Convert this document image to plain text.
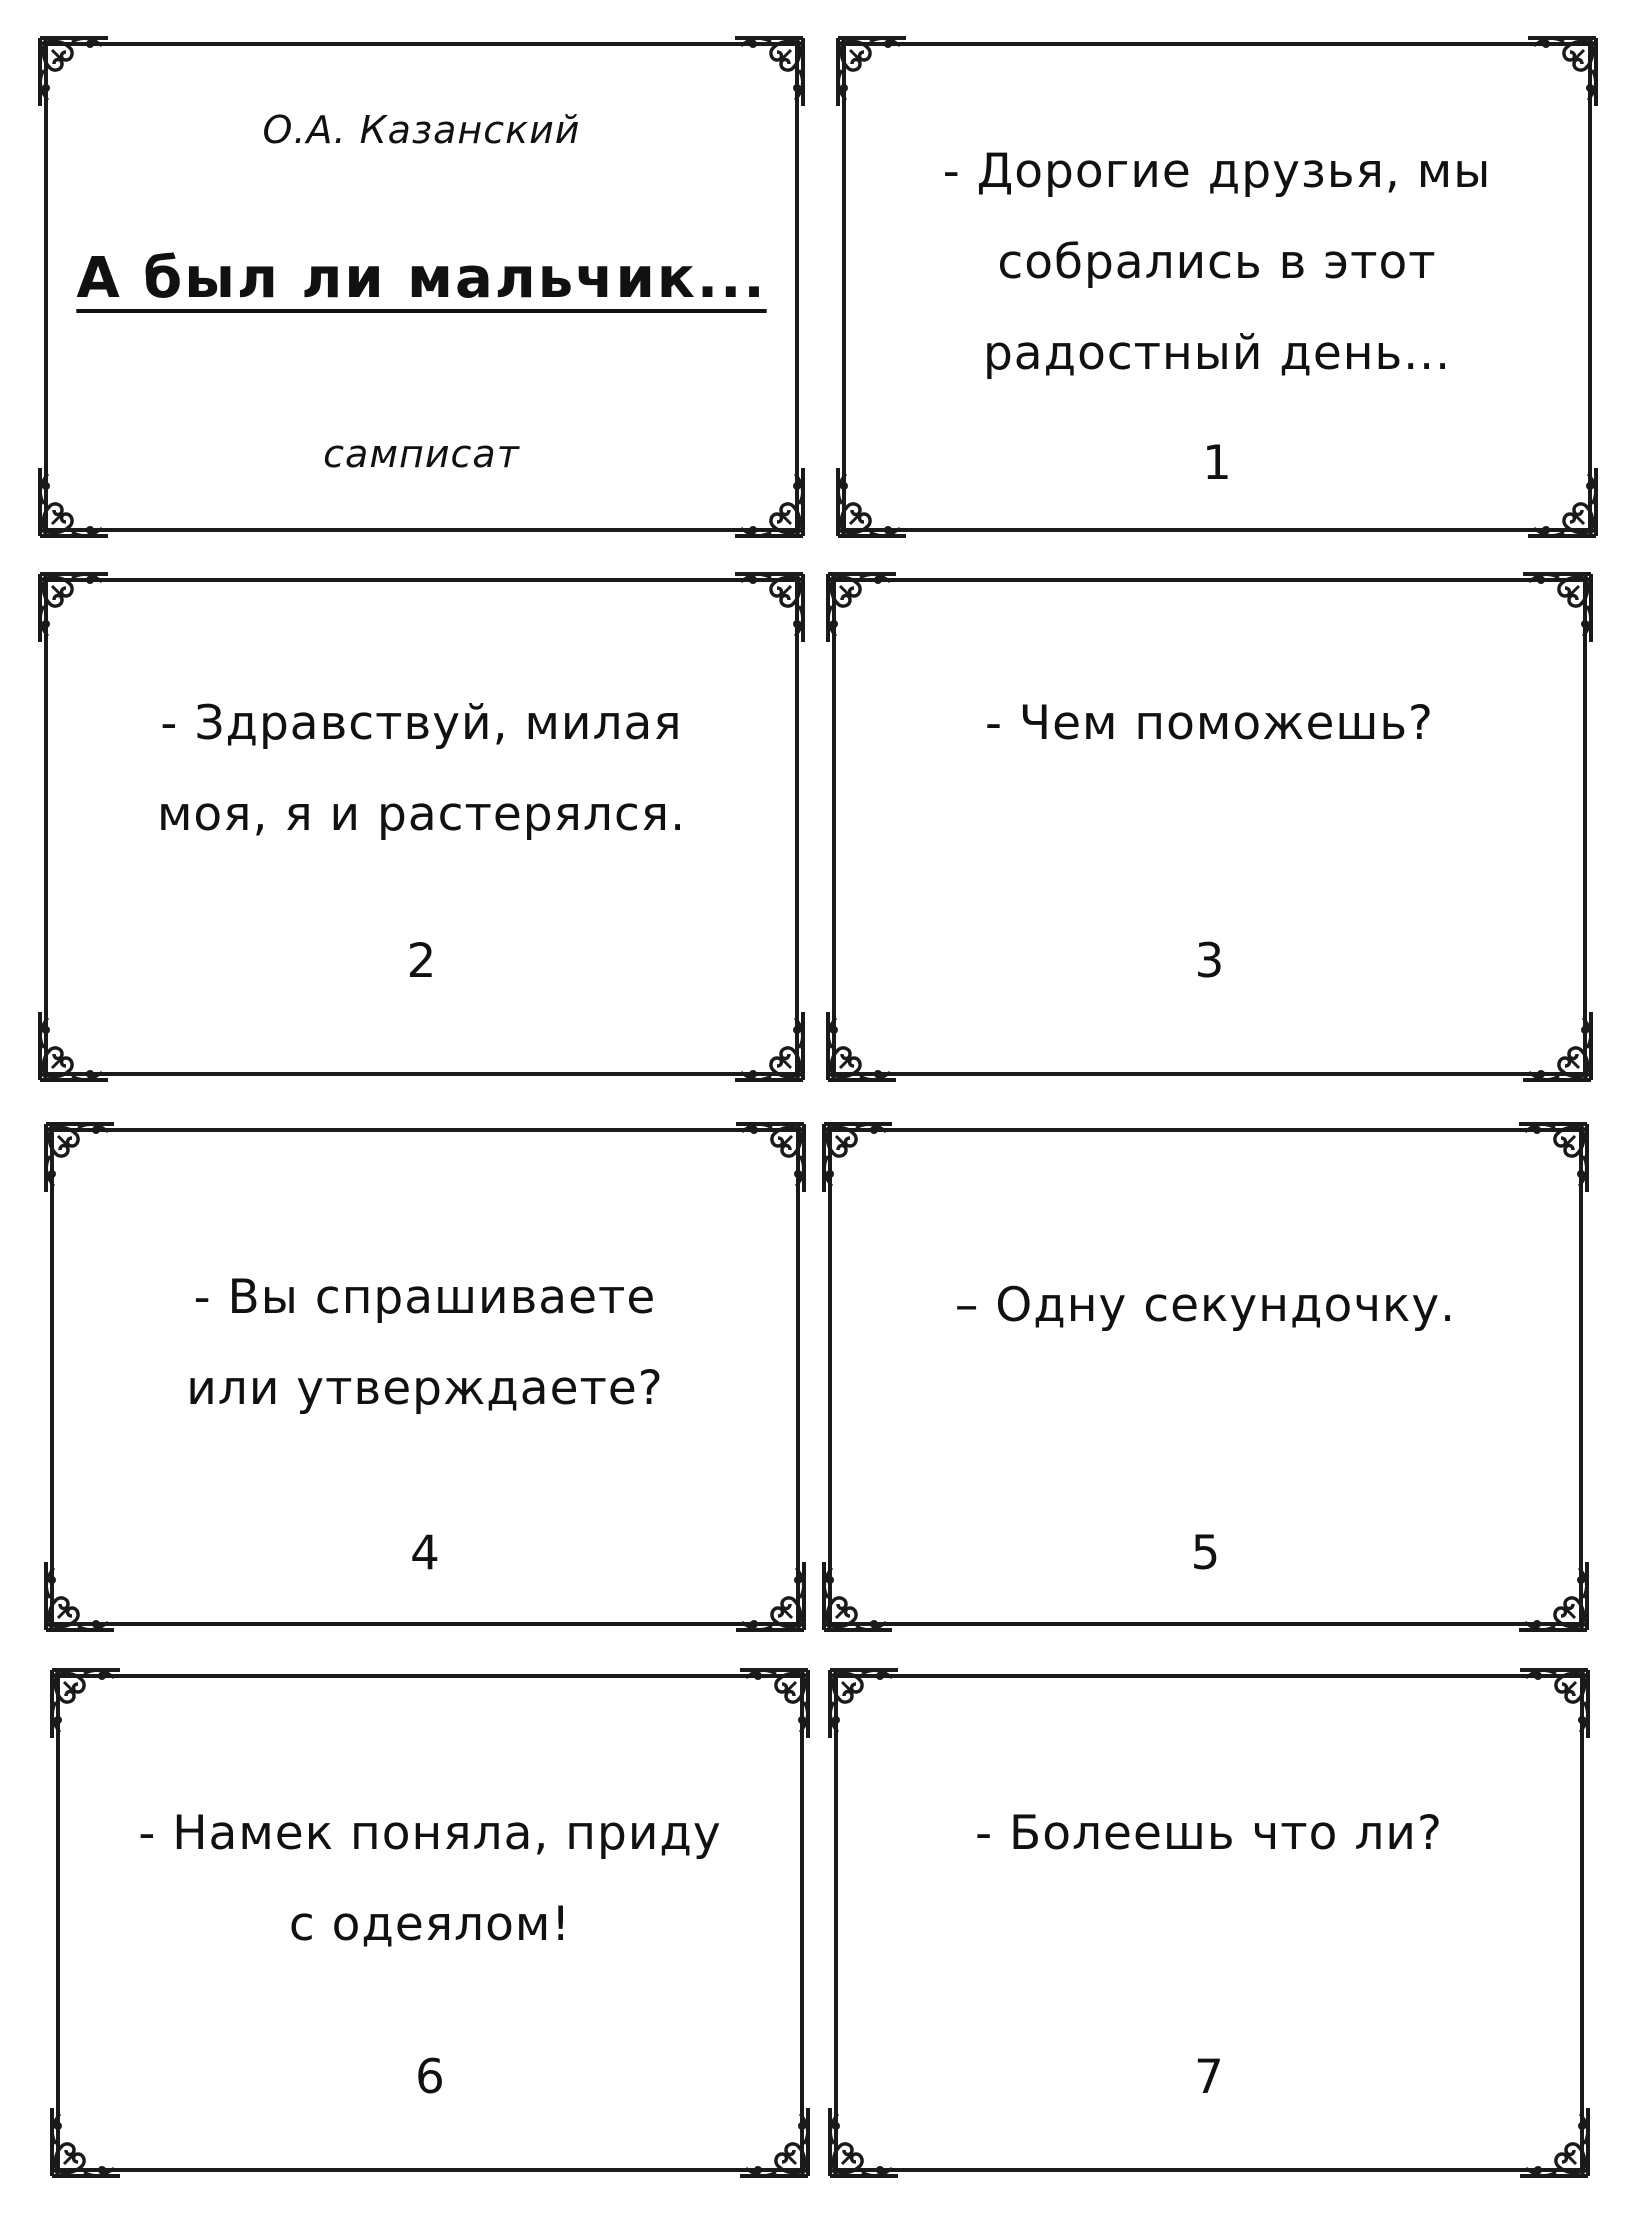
О.А. Казанский
А был ли мальчик...
самписат
- Дорогие друзья, мы
собрались в этот
радостный день...
1
- Здравствуй, милая
моя, я и растерялся.
2
- Чем поможешь?
3
- Вы спрашиваете
или утверждаете?
4
– Одну секундочку.
5
- Намек поняла, приду
с одеялом!
6
- Болеешь что ли?
7
